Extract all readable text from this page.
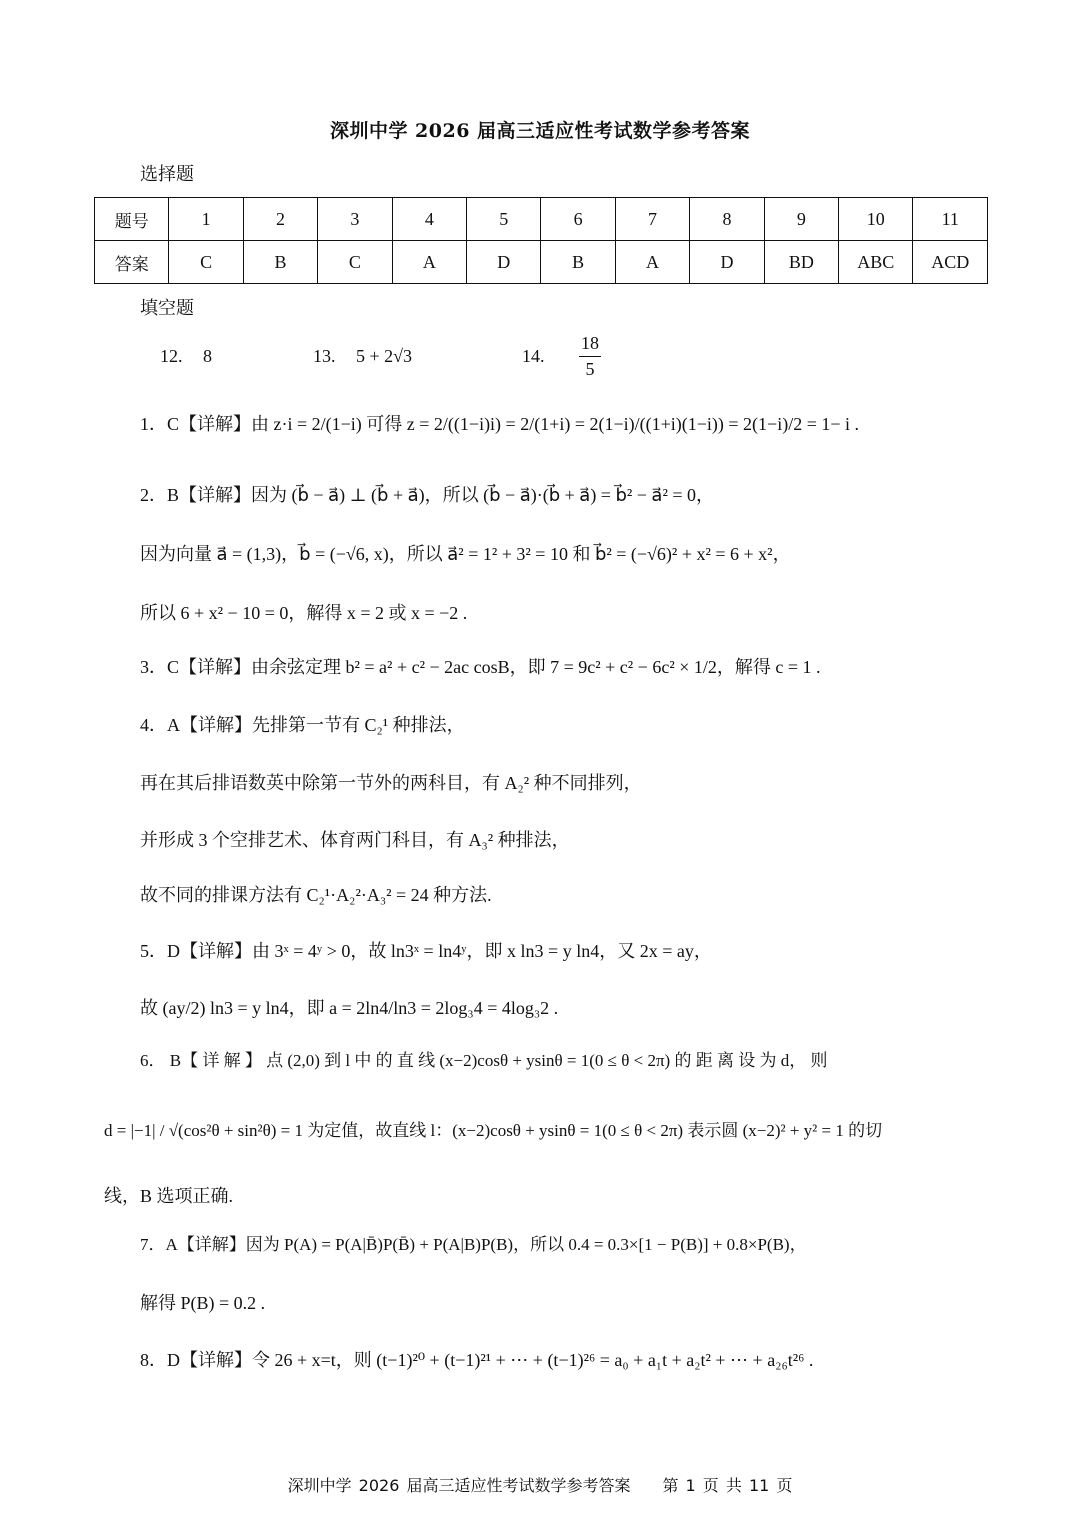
深圳中学 2026 届高三适应性考试数学参考答案
选择题
题号	1	2	3	4	5	6	7	8	9	10	11
答案	C	B	C	A	D	B	A	D	BD	ABC	ACD
填空题
12. 8	13. 5 + 2√3	14. $\frac{18}{5}$
1．C【详解】由 z·i = 2/(1−i) 可得 z = 2/((1−i)i) = 2/(1+i) = 2(1−i)/((1+i)(1−i)) = 2(1−i)/2 = 1− i .
2．B【详解】因为 (b⃗ − a⃗) ⊥ (b⃗ + a⃗)，所以 (b⃗ − a⃗)·(b⃗ + a⃗) = b⃗² − a⃗² = 0，
因为向量 a⃗ = (1,3)，b⃗ = (−√6, x)，所以 a⃗² = 1² + 3² = 10 和 b⃗² = (−√6)² + x² = 6 + x²，
所以 6 + x² − 10 = 0，解得 x = 2 或 x = −2 .
3．C【详解】由余弦定理 b² = a² + c² − 2ac cosB，即 7 = 9c² + c² − 6c² × 1/2，解得 c = 1 .
4．A【详解】先排第一节有 C₂¹ 种排法，
再在其后排语数英中除第一节外的两科目，有 A₂² 种不同排列，
并形成 3 个空排艺术、体育两门科目，有 A₃² 种排法，
故不同的排课方法有 C₂¹·A₂²·A₃² = 24 种方法.
5．D【详解】由 3ˣ = 4ʸ > 0，故 ln3ˣ = ln4ʸ，即 x ln3 = y ln4，又 2x = ay，
故 (ay/2) ln3 = y ln4，即 a = 2ln4/ln3 = 2log₃4 = 4log₃2 .
6． B【 详 解 】 点 (2,0) 到 l 中 的 直 线 (x−2)cosθ + ysinθ = 1(0 ≤ θ < 2π) 的 距 离 设 为 d， 则
d = |−1| / √(cos²θ + sin²θ) = 1 为定值，故直线 l：(x−2)cosθ + ysinθ = 1(0 ≤ θ < 2π) 表示圆 (x−2)² + y² = 1 的切
线，B 选项正确.
7．A【详解】因为 P(A) = P(A|B̄)P(B̄) + P(A|B)P(B)，所以 0.4 = 0.3×[1 − P(B)] + 0.8×P(B)，
解得 P(B) = 0.2 .
8．D【详解】令 26 + x=t，则 (t−1)²⁰ + (t−1)²¹ + ⋯ + (t−1)²⁶ = a₀ + a₁t + a₂t² + ⋯ + a₂₆t²⁶ .
深圳中学 2026 届高三适应性考试数学参考答案　　第 1 页 共 11 页
